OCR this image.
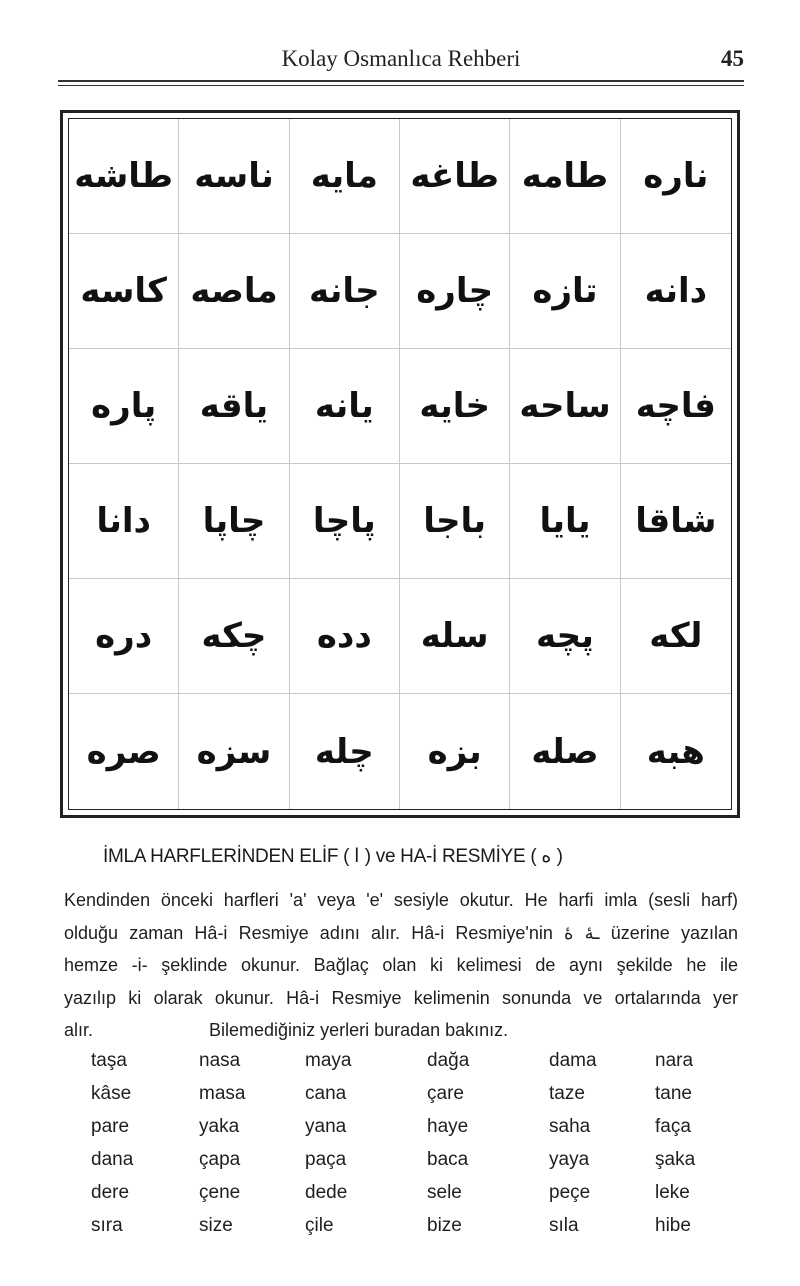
Kolay Osmanlıca Rehberi	45
طاشه ناسه مايه طاغه طامه ناره
كاسه ماصه جانه چاره تازه دانه
پاره ياقه يانه خايه ساحه فاچه
دانا چاپا پاچا باجا يايا شاقا
دره چكه دده سله پچه لكه
صره سزه چله بزه صله هبه
İMLA HARFLERİNDEN ELİF ( ا ) ve HA-İ RESMİYE ( ه )
Kendinden önceki harfleri 'a' veya 'e' sesiyle okutur. He harfi imla (sesli harf)
olduğu zaman Hâ-i Resmiye adını alır. Hâ-i Resmiye'nin ـهٔ هٔ üzerine yazılan
hemze -i- şeklinde okunur. Bağlaç olan ki kelimesi de aynı şekilde he ile
yazılıp ki olarak okunur. Hâ-i Resmiye kelimenin sonunda ve ortalarında yer
alır.	Bilemediğiniz yerleri buradan bakınız.
taşa	nasa	maya	dağa	dama	nara
kâse	masa	cana	çare	taze	tane
pare	yaka	yana	haye	saha	faça
dana	çapa	paça	baca	yaya	şaka
dere	çene	dede	sele	peçe	leke
sıra	size	çile	bize	sıla	hibe
